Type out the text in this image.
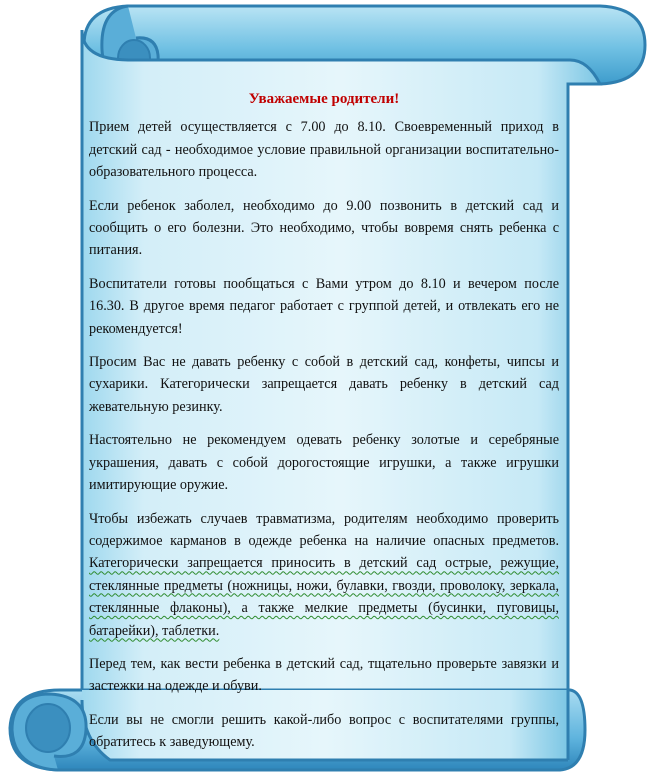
Уважаемые родители!

Прием детей осуществляется с 7.00 до 8.10. Своевременный приход в детский сад - необходимое условие правильной организации воспитательно-образовательного процесса.

Если ребенок заболел, необходимо до 9.00 позвонить в детский сад и сообщить о его болезни. Это необходимо, чтобы вовремя снять ребенка с питания.

Воспитатели готовы пообщаться с Вами утром до 8.10 и вечером после 16.30. В другое время педагог работает с группой детей, и отвлекать его не рекомендуется!

Просим Вас не давать ребенку с собой в детский сад, конфеты, чипсы и сухарики. Категорически запрещается давать ребенку в детский сад жевательную резинку.

Настоятельно не рекомендуем одевать ребенку золотые и серебряные украшения, давать с собой дорогостоящие игрушки, а также игрушки имитирующие оружие.

Чтобы избежать случаев травматизма, родителям необходимо проверить содержимое карманов в одежде ребенка на наличие опасных предметов. Категорически запрещается приносить в детский сад острые, режущие, стеклянные предметы (ножницы, ножи, булавки, гвозди, проволоку, зеркала, стеклянные флаконы), а также мелкие предметы (бусинки, пуговицы, батарейки), таблетки.

Перед тем, как вести ребенка в детский сад, тщательно проверьте завязки и застежки на одежде и обуви.

Если вы не смогли решить какой-либо вопрос с воспитателями группы, обратитесь к заведующему.
